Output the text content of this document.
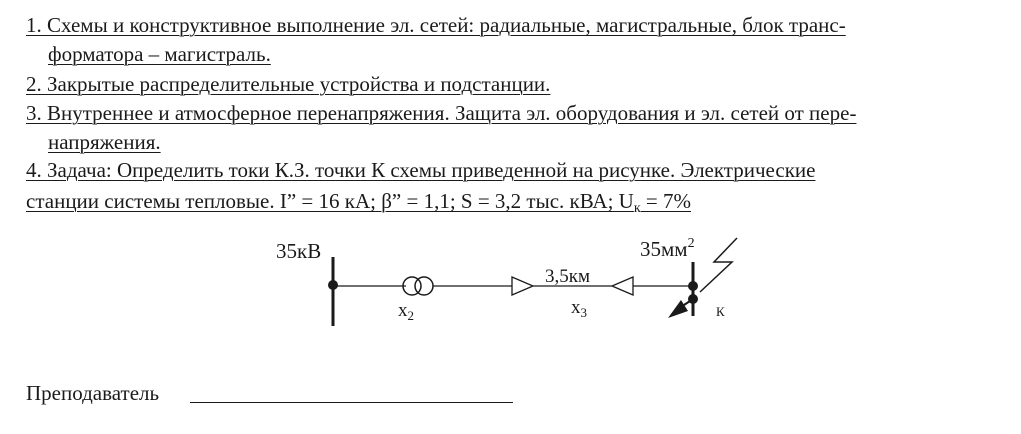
1. Схемы и конструктивное выполнение эл. сетей: радиальные, магистральные, блок транс-
форматора – магистраль.
2. Закрытые распределительные устройства и подстанции.
3. Внутреннее и атмосферное перенапряжения. Защита эл. оборудования и эл. сетей от пере-
напряжения.
4. Задача: Определить токи К.З. точки К схемы приведенной на рисунке. Электрические
станции системы тепловые. I” = 16 кА; β” = 1,1; S = 3,2 тыс. кВА; $U_к = 7\%$
35кВ
$x_2$
3,5км
$x_3$
$35мм^2$
К
Преподаватель
